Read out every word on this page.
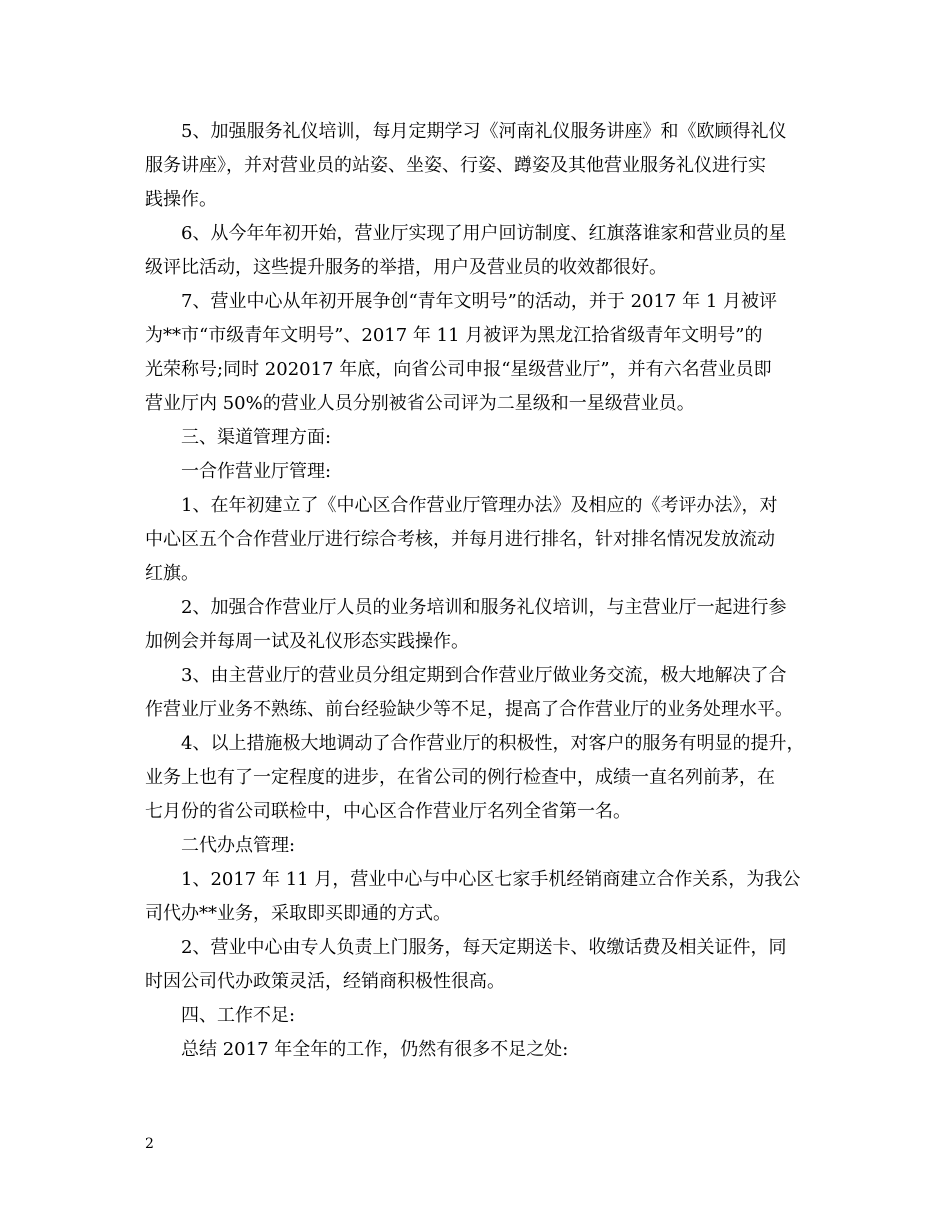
5、加强服务礼仪培训，每月定期学习《河南礼仪服务讲座》和《欧顾得礼仪
服务讲座》，并对营业员的站姿、坐姿、行姿、蹲姿及其他营业服务礼仪进行实
践操作。
6、从今年年初开始，营业厅实现了用户回访制度、红旗落谁家和营业员的星
级评比活动，这些提升服务的举措，用户及营业员的收效都很好。
7、营业中心从年初开展争创“青年文明号”的活动，并于 2017 年 1 月被评
为**市“市级青年文明号”、2017 年 11 月被评为黑龙江拾省级青年文明号”的
光荣称号;同时 202017 年底，向省公司申报“星级营业厅”，并有六名营业员即
营业厅内 50%的营业人员分别被省公司评为二星级和一星级营业员。
三、渠道管理方面:
一合作营业厅管理:
1、在年初建立了《中心区合作营业厅管理办法》及相应的《考评办法》，对
中心区五个合作营业厅进行综合考核，并每月进行排名，针对排名情况发放流动
红旗。
2、加强合作营业厅人员的业务培训和服务礼仪培训，与主营业厅一起进行参
加例会并每周一试及礼仪形态实践操作。
3、由主营业厅的营业员分组定期到合作营业厅做业务交流，极大地解决了合
作营业厅业务不熟练、前台经验缺少等不足，提高了合作营业厅的业务处理水平。
4、以上措施极大地调动了合作营业厅的积极性，对客户的服务有明显的提升，
业务上也有了一定程度的进步，在省公司的例行检查中，成绩一直名列前茅，在
七月份的省公司联检中，中心区合作营业厅名列全省第一名。
二代办点管理:
1、2017 年 11 月，营业中心与中心区七家手机经销商建立合作关系，为我公
司代办**业务，采取即买即通的方式。
2、营业中心由专人负责上门服务，每天定期送卡、收缴话费及相关证件，同
时因公司代办政策灵活，经销商积极性很高。
四、工作不足:
总结 2017 年全年的工作，仍然有很多不足之处:
2
